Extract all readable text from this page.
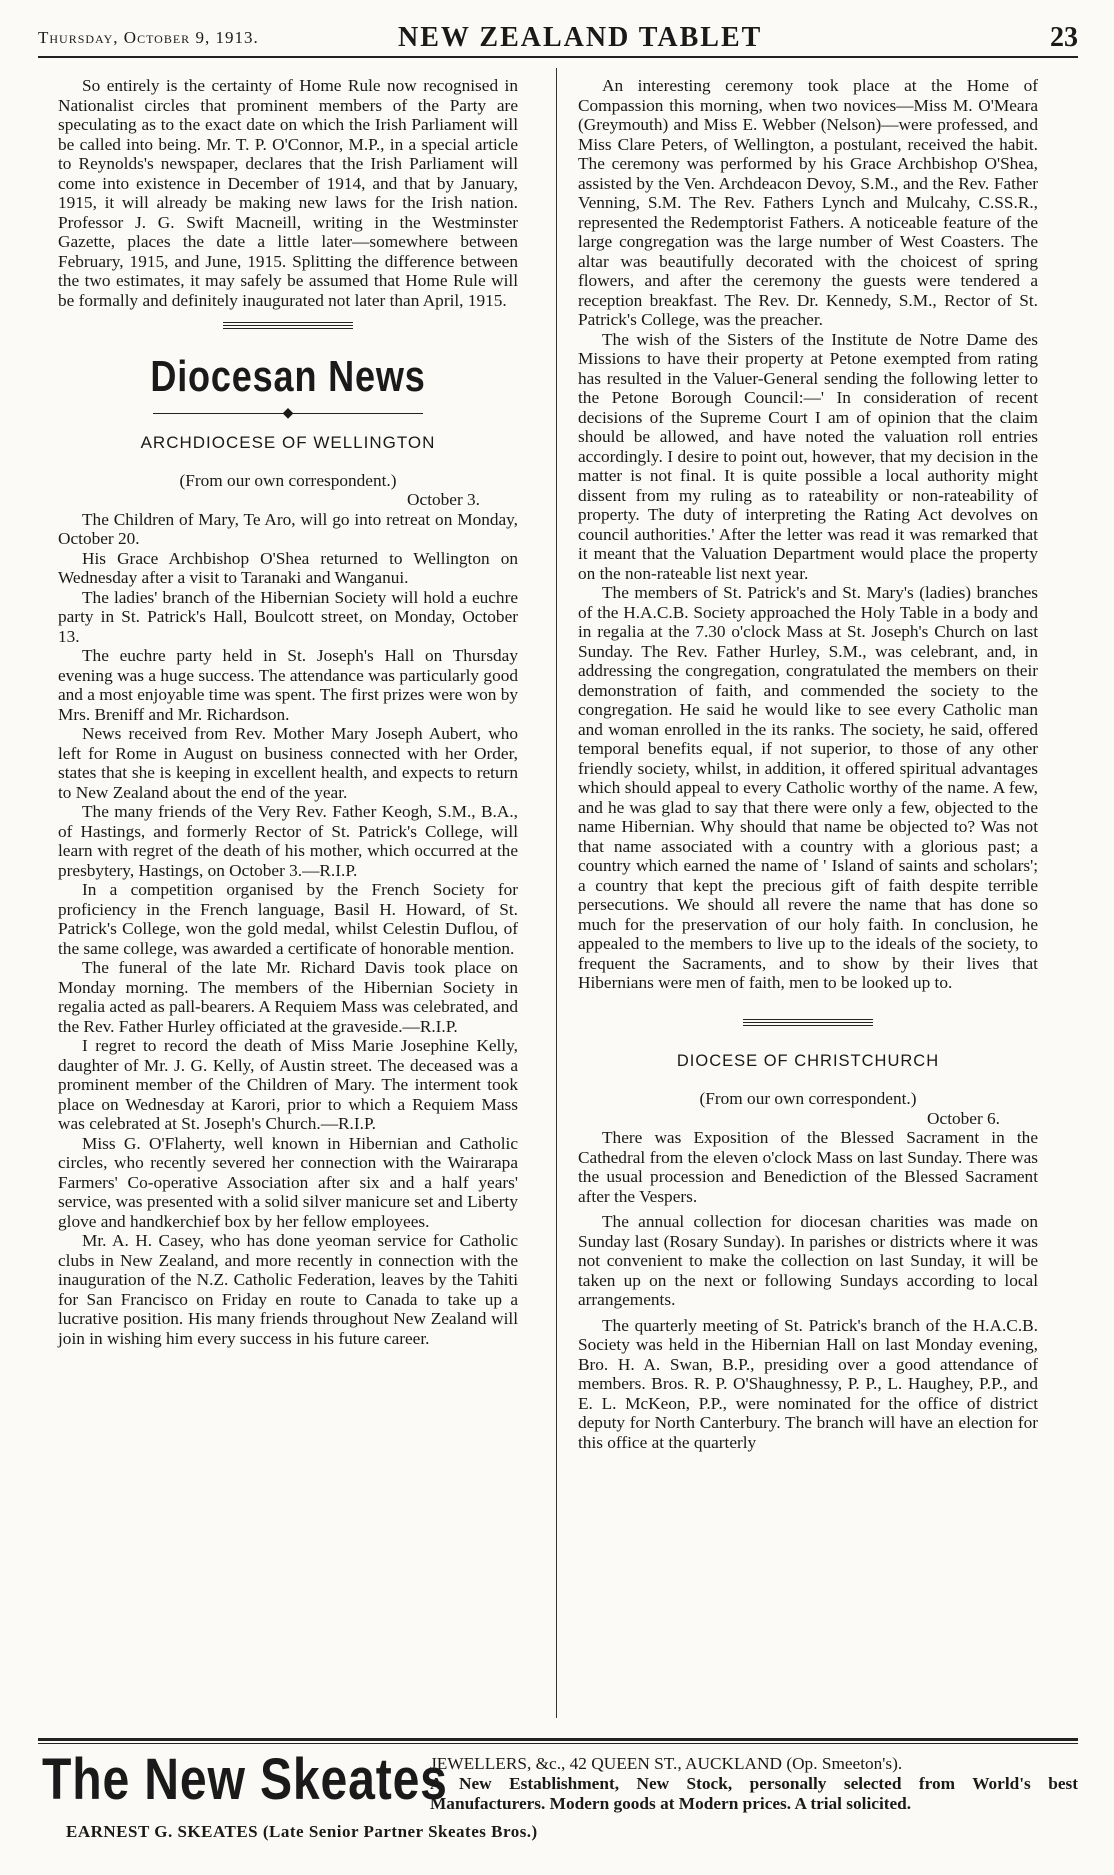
Thursday, October 9, 1913.	NEW ZEALAND TABLET	23

So entirely is the certainty of Home Rule now recognised in Nationalist circles that prominent members of the Party are speculating as to the exact date on which the Irish Parliament will be called into being. Mr. T. P. O'Connor, M.P., in a special article to Reynolds's newspaper, declares that the Irish Parliament will come into existence in December of 1914, and that by January, 1915, it will already be making new laws for the Irish nation. Professor J. G. Swift Macneill, writing in the Westminster Gazette, places the date a little later—somewhere between February, 1915, and June, 1915. Splitting the difference between the two estimates, it may safely be assumed that Home Rule will be formally and definitely inaugurated not later than April, 1915.

Diocesan News
◆
ARCHDIOCESE OF WELLINGTON

(From our own correspondent.)

October 3.

The Children of Mary, Te Aro, will go into retreat on Monday, October 20.

His Grace Archbishop O'Shea returned to Wellington on Wednesday after a visit to Taranaki and Wanganui.

The ladies' branch of the Hibernian Society will hold a euchre party in St. Patrick's Hall, Boulcott street, on Monday, October 13.

The euchre party held in St. Joseph's Hall on Thursday evening was a huge success. The attendance was particularly good and a most enjoyable time was spent. The first prizes were won by Mrs. Breniff and Mr. Richardson.

News received from Rev. Mother Mary Joseph Aubert, who left for Rome in August on business connected with her Order, states that she is keeping in excellent health, and expects to return to New Zealand about the end of the year.

The many friends of the Very Rev. Father Keogh, S.M., B.A., of Hastings, and formerly Rector of St. Patrick's College, will learn with regret of the death of his mother, which occurred at the presbytery, Hastings, on October 3.—R.I.P.

In a competition organised by the French Society for proficiency in the French language, Basil H. Howard, of St. Patrick's College, won the gold medal, whilst Celestin Duflou, of the same college, was awarded a certificate of honorable mention.

The funeral of the late Mr. Richard Davis took place on Monday morning. The members of the Hibernian Society in regalia acted as pall-bearers. A Requiem Mass was celebrated, and the Rev. Father Hurley officiated at the graveside.—R.I.P.

I regret to record the death of Miss Marie Josephine Kelly, daughter of Mr. J. G. Kelly, of Austin street. The deceased was a prominent member of the Children of Mary. The interment took place on Wednesday at Karori, prior to which a Requiem Mass was celebrated at St. Joseph's Church.—R.I.P.

Miss G. O'Flaherty, well known in Hibernian and Catholic circles, who recently severed her connection with the Wairarapa Farmers' Co-operative Association after six and a half years' service, was presented with a solid silver manicure set and Liberty glove and handkerchief box by her fellow employees.

Mr. A. H. Casey, who has done yeoman service for Catholic clubs in New Zealand, and more recently in connection with the inauguration of the N.Z. Catholic Federation, leaves by the Tahiti for San Francisco on Friday en route to Canada to take up a lucrative position. His many friends throughout New Zealand will join in wishing him every success in his future career.

An interesting ceremony took place at the Home of Compassion this morning, when two novices—Miss M. O'Meara (Greymouth) and Miss E. Webber (Nelson)—were professed, and Miss Clare Peters, of Wellington, a postulant, received the habit. The ceremony was performed by his Grace Archbishop O'Shea, assisted by the Ven. Archdeacon Devoy, S.M., and the Rev. Father Venning, S.M. The Rev. Fathers Lynch and Mulcahy, C.SS.R., represented the Redemptorist Fathers. A noticeable feature of the large congregation was the large number of West Coasters. The altar was beautifully decorated with the choicest of spring flowers, and after the ceremony the guests were tendered a reception breakfast. The Rev. Dr. Kennedy, S.M., Rector of St. Patrick's College, was the preacher.

The wish of the Sisters of the Institute de Notre Dame des Missions to have their property at Petone exempted from rating has resulted in the Valuer-General sending the following letter to the Petone Borough Council:—' In consideration of recent decisions of the Supreme Court I am of opinion that the claim should be allowed, and have noted the valuation roll entries accordingly. I desire to point out, however, that my decision in the matter is not final. It is quite possible a local authority might dissent from my ruling as to rateability or non-rateability of property. The duty of interpreting the Rating Act devolves on council authorities.' After the letter was read it was remarked that it meant that the Valuation Department would place the property on the non-rateable list next year.

The members of St. Patrick's and St. Mary's (ladies) branches of the H.A.C.B. Society approached the Holy Table in a body and in regalia at the 7.30 o'clock Mass at St. Joseph's Church on last Sunday. The Rev. Father Hurley, S.M., was celebrant, and, in addressing the congregation, congratulated the members on their demonstration of faith, and commended the society to the congregation. He said he would like to see every Catholic man and woman enrolled in the its ranks. The society, he said, offered temporal benefits equal, if not superior, to those of any other friendly society, whilst, in addition, it offered spiritual advantages which should appeal to every Catholic worthy of the name. A few, and he was glad to say that there were only a few, objected to the name Hibernian. Why should that name be objected to? Was not that name associated with a country with a glorious past; a country which earned the name of ' Island of saints and scholars'; a country that kept the precious gift of faith despite terrible persecutions. We should all revere the name that has done so much for the preservation of our holy faith. In conclusion, he appealed to the members to live up to the ideals of the society, to frequent the Sacraments, and to show by their lives that Hibernians were men of faith, men to be looked up to.

DIOCESE OF CHRISTCHURCH

(From our own correspondent.)

October 6.

There was Exposition of the Blessed Sacrament in the Cathedral from the eleven o'clock Mass on last Sunday. There was the usual procession and Benediction of the Blessed Sacrament after the Vespers.

The annual collection for diocesan charities was made on Sunday last (Rosary Sunday). In parishes or districts where it was not convenient to make the collection on last Sunday, it will be taken up on the next or following Sundays according to local arrangements.

The quarterly meeting of St. Patrick's branch of the H.A.C.B. Society was held in the Hibernian Hall on last Monday evening, Bro. H. A. Swan, B.P., presiding over a good attendance of members. Bros. R. P. O'Shaughnessy, P. P., L. Haughey, P.P., and E. L. McKeon, P.P., were nominated for the office of district deputy for North Canterbury. The branch will have an election for this office at the quarterly

The New Skeates
JEWELLERS, &c., 42 QUEEN ST., AUCKLAND (Op. Smeeton's).
A New Establishment, New Stock, personally selected from World's best Manufacturers. Modern goods at Modern prices. A trial solicited.
EARNEST G. SKEATES (Late Senior Partner Skeates Bros.)
